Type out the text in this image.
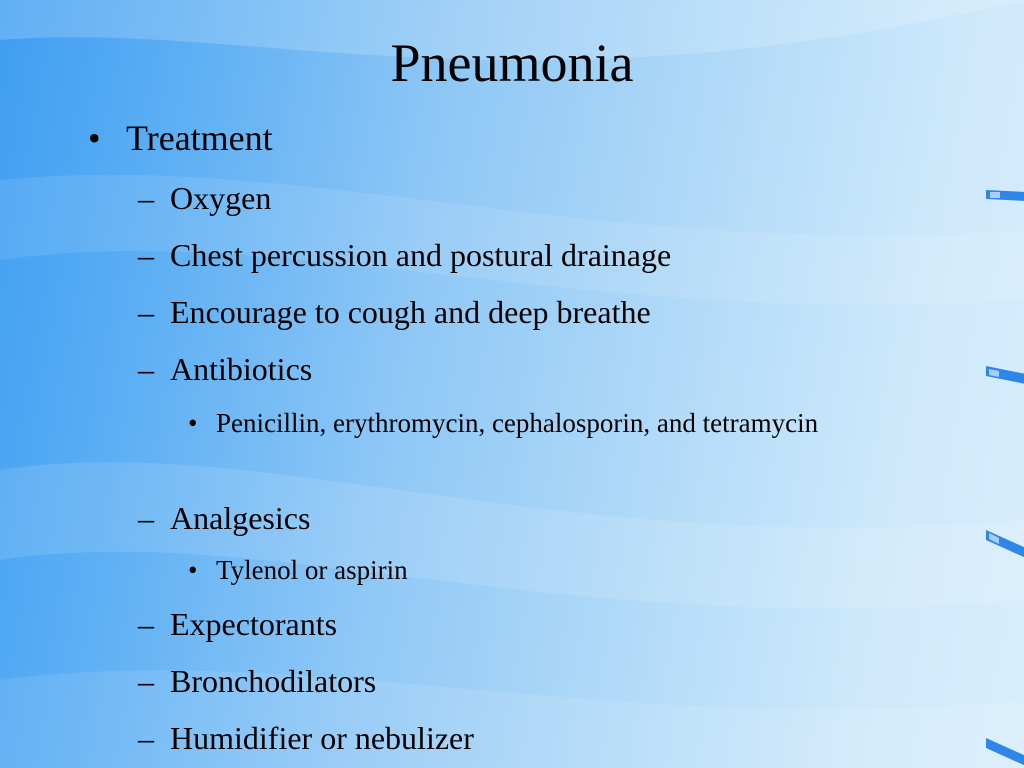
Pneumonia
• Treatment
– Oxygen
– Chest percussion and postural drainage
– Encourage to cough and deep breathe
– Antibiotics
• Penicillin, erythromycin, cephalosporin, and tetramycin
– Analgesics
• Tylenol or aspirin
– Expectorants
– Bronchodilators
– Humidifier or nebulizer
